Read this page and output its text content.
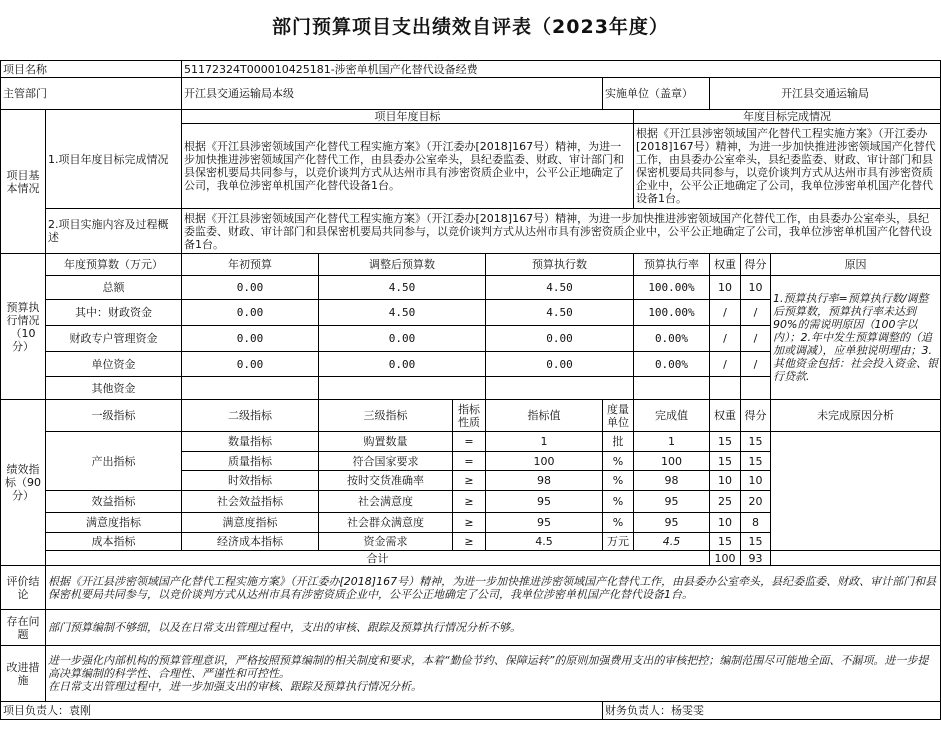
部门预算项目支出绩效自评表（2023年度）
项目名称		51172324T000010425181-涉密单机国产化替代设备经费								
主管部门		开江县交通运输局本级				实施单位（盖章）		开江县交通运输局		
项目基本情况	1.项目年度目标完成情况	项目年度目标					年度目标完成情况			
		根据《开江县涉密领域国产化替代工程实施方案》（开江委办[2018]167号）精神，为进一步加快推进涉密领域国产化替代工作，由县委办公室牵头，县纪委监委、财政、审计部门和县保密机要局共同参与，以竞价谈判方式从达州市具有涉密资质企业中，公平公正地确定了公司，我单位涉密单机国产化替代设备1台。					根据《开江县涉密领域国产化替代工程实施方案》（开江委办[2018]167号）精神，为进一步加快推进涉密领域国产化替代工作，由县委办公室牵头，县纪委监委、财政、审计部门和县保密机要局共同参与，以竞价谈判方式从达州市具有涉密资质企业中，公平公正地确定了公司，我单位涉密单机国产化替代设备1台。			
	2.项目实施内容及过程概述	根据《开江县涉密领域国产化替代工程实施方案》（开江委办[2018]167号）精神，为进一步加快推进涉密领域国产化替代工作，由县委办公室牵头，县纪委监委、财政、审计部门和县保密机要局共同参与，以竞价谈判方式从达州市具有涉密资质企业中，公平公正地确定了公司，我单位涉密单机国产化替代设备1台。								

预算执行情况（10分）	年度预算数（万元）	年初预算	调整后预算数		预算执行数		预算执行率	权重	得分	原因
	总额	0.00	4.50		4.50		100.00%	10	10	1.预算执行率=预算执行数/调整后预算数，预算执行率未达到90%的需说明原因（100字以内）；2.年中发生预算调整的（追加或调减），应单独说明理由；3.其他资金包括：社会投入资金、银行贷款.
	其中：财政资金	0.00	4.50		4.50		100.00%	/	/	
	财政专户管理资金	0.00	0.00		0.00		0.00%	/	/	
	单位资金	0.00	0.00		0.00		0.00%	/	/	
	其他资金									
绩效指标（90分）	一级指标	二级指标	三级指标	指标性质	指标值	度量单位	完成值	权重	得分	未完成原因分析
	产出指标	数量指标	购置数量	=	1	批	1	15	15	
		质量指标	符合国家要求	=	100	%	100	15	15	
		时效指标	按时交货准确率	≥	98	%	98	10	10	
	效益指标	社会效益指标	社会满意度	≥	95	%	95	25	20	
	满意度指标	满意度指标	社会群众满意度	≥	95	%	95	10	8	
	成本指标	经济成本指标	资金需求	≥	4.5	万元	4.5	15	15	
	合计							100	93	
评价结论	根据《开江县涉密领域国产化替代工程实施方案》（开江委办[2018]167号）精神，为进一步加快推进涉密领域国产化替代工作，由县委办公室牵头，县纪委监委、财政、审计部门和县保密机要局共同参与，以竞价谈判方式从达州市具有涉密资质企业中，公平公正地确定了公司，我单位涉密单机国产化替代设备1台。									
存在问题	部门预算编制不够细，以及在日常支出管理过程中，支出的审核、跟踪及预算执行情况分析不够。									
改进措施	进一步强化内部机构的预算管理意识，严格按照预算编制的相关制度和要求，本着“勤俭节约、保障运转”的原则加强费用支出的审核把控；编制范围尽可能地全面、不漏项。进一步提高决算编制的科学性、合理性、严谨性和可控性。
在日常支出管理过程中，进一步加强支出的审核、跟踪及预算执行情况分析。									

项目负责人：袁刚						财务负责人：杨雯雯				
